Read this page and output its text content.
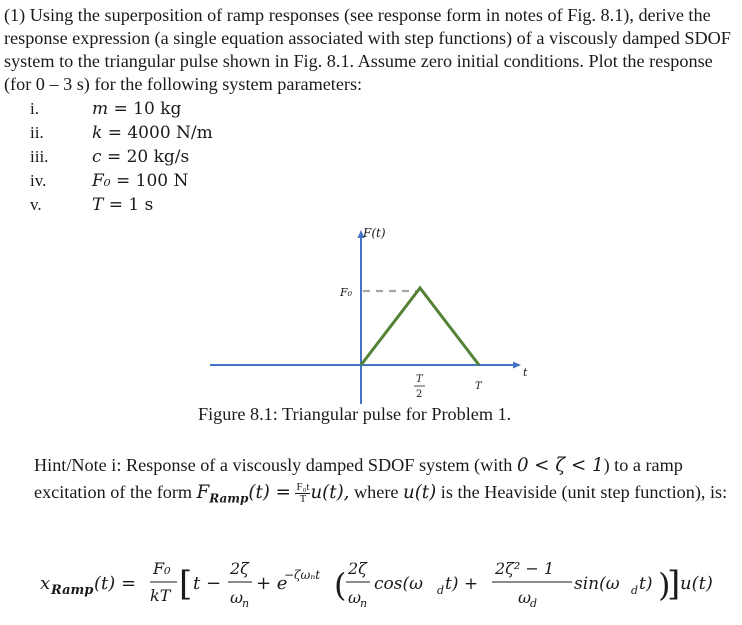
(1) Using the superposition of ramp responses (see response form in notes of Fig. 8.1), derive the response expression (a single equation associated with step functions) of a viscously damped SDOF system to the triangular pulse shown in Fig. 8.1. Assume zero initial conditions. Plot the response (for 0 – 3 s) for the following system parameters:
i.	m = 10 kg
ii.	k = 4000 N/m
iii.	c = 20 kg/s
iv.	F₀ = 100 N
v.	T = 1 s
F(t)
t
F₀
T
2
T
Figure 8.1: Triangular pulse for Problem 1.
Hint/Note i: Response of a viscously damped SDOF system (with 0 < ζ < 1) to a ramp excitation of the form $F_{Ramp}(t) = \frac{\text{F₀t}}{T} u(t)$, where u(t) is the Heaviside (unit step function), is:
x Ramp (t) =
F₀
kT [ t −
2ζ
ω
n
+ e
−ζωₙt ( 2ζ
ω
n
cos(ω d t) +
2ζ² − 1
ω
d
sin(ω d t) )
] u(t)
